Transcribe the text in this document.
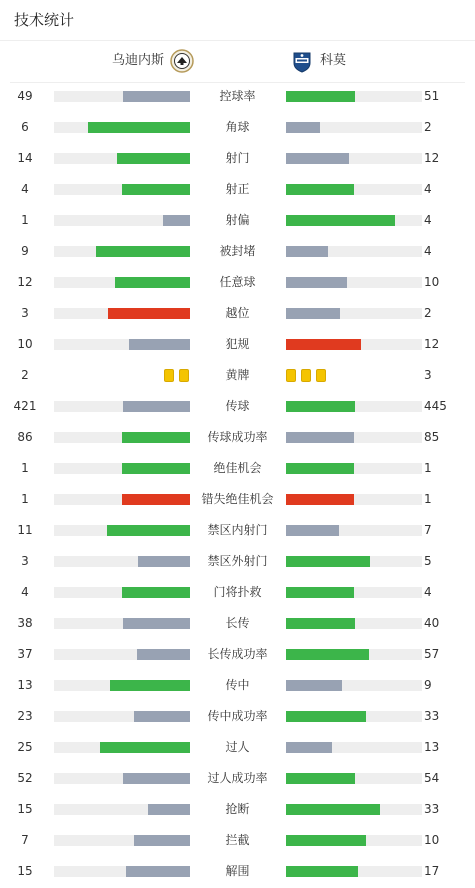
技术统计
乌迪内斯	科莫
49	控球率	51
6	角球	2
14	射门	12
4	射正	4
1	射偏	4
9	被封堵	4
12	任意球	10
3	越位	2
10	犯规	12
2	黄牌	3
421	传球	445
86	传球成功率	85
1	绝佳机会	1
1	错失绝佳机会	1
11	禁区内射门	7
3	禁区外射门	5
4	门将扑救	4
38	长传	40
37	长传成功率	57
13	传中	9
23	传中成功率	33
25	过人	13
52	过人成功率	54
15	抢断	33
7	拦截	10
15	解围	17
